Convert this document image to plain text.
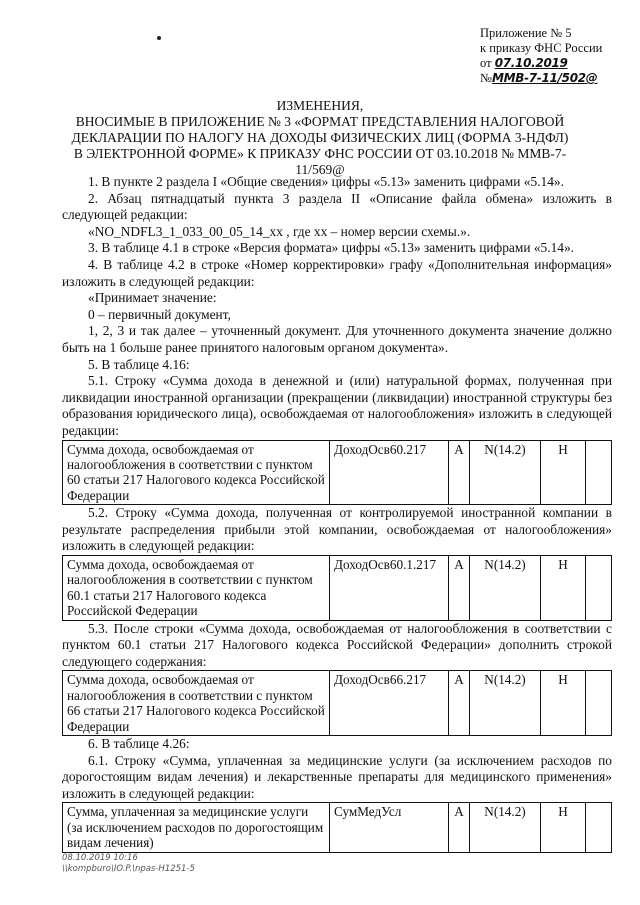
Приложение № 5
к приказу ФНС России
от 07.10.2019
№ММВ-7-11/502@
ИЗМЕНЕНИЯ,
ВНОСИМЫЕ В ПРИЛОЖЕНИЕ № 3 «ФОРМАТ ПРЕДСТАВЛЕНИЯ НАЛОГОВОЙ
ДЕКЛАРАЦИИ ПО НАЛОГУ НА ДОХОДЫ ФИЗИЧЕСКИХ ЛИЦ (ФОРМА 3-НДФЛ)
В ЭЛЕКТРОННОЙ ФОРМЕ» К ПРИКАЗУ ФНС РОССИИ ОТ 03.10.2018 № ММВ-7-11/569@

1. В пункте 2 раздела I «Общие сведения» цифры «5.13» заменить цифрами «5.14».

2. Абзац пятнадцатый пункта 3 раздела II «Описание файла обмена» изложить в следующей редакции:

«NO_NDFL3_1_033_00_05_14_xx , где xx – номер версии схемы.».

3. В таблице 4.1 в строке «Версия формата» цифры «5.13» заменить цифрами «5.14».

4. В таблице 4.2 в строке «Номер корректировки» графу «Дополнительная информация» изложить в следующей редакции:

«Принимает значение:

0 – первичный документ,

1, 2, 3 и так далее – уточненный документ. Для уточненного документа значение должно быть на 1 больше ранее принятого налоговым органом документа».

5. В таблице 4.16:

5.1. Строку «Сумма дохода в денежной и (или) натуральной формах, полученная при ликвидации иностранной организации (прекращении (ликвидации) иностранной структуры без образования юридического лица), освобождаемая от налогообложения» изложить в следующей редакции:

Сумма дохода, освобождаемая от налогообложения в соответствии с пунктом 60 статьи 217 Налогового кодекса Российской Федерации	ДоходОсв60.217	А	N(14.2)	Н	

5.2. Строку «Сумма дохода, полученная от контролируемой иностранной компании в результате распределения прибыли этой компании, освобождаемая от налогообложения» изложить в следующей редакции:

Сумма дохода, освобождаемая от налогообложения в соответствии с пунктом 60.1 статьи 217 Налогового кодекса Российской Федерации	ДоходОсв60.1.217	А	N(14.2)	Н	

5.3. После строки «Сумма дохода, освобождаемая от налогообложения в соответствии с пунктом 60.1 статьи 217 Налогового кодекса Российской Федерации» дополнить строкой следующего содержания:

Сумма дохода, освобождаемая от налогообложения в соответствии с пунктом 66 статьи 217 Налогового кодекса Российской Федерации	ДоходОсв66.217	А	N(14.2)	Н	

6. В таблице 4.26:

6.1. Строку «Сумма, уплаченная за медицинские услуги (за исключением расходов по дорогостоящим видам лечения) и лекарственные препараты для медицинского применения» изложить в следующей редакции:

Сумма, уплаченная за медицинские услуги (за исключением расходов по дорогостоящим видам лечения)	СумМедУсл	А	N(14.2)	Н	
08.10.2019 10:16
\\kompburo\IO.P.\npas-H1251-5
